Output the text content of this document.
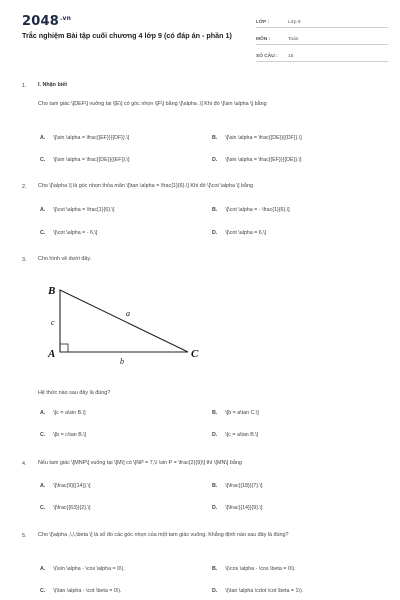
$2048^{.vn}$
Trắc nghiệm Bài tập cuối chương 4 lớp 9 (có đáp án - phần 1)
LỚP :	Lớp 9
MÔN :	Toán
SỐ CÂU :	15
1. I. Nhận biết
Cho tam giác \[DEF\] vuông tại \[E\] có góc nhọn \[F\] bằng \[\alpha .\] Khi đó \[\sin \alpha \] bằng
A. \[\sin \alpha = \frac{{EF}}{{DF}}.\]	B. \[\sin \alpha = \frac{{DE}}{{DF}}.\]
C. \[\sin \alpha = \frac{{DE}}{{EF}}.\]	D. \[\sin \alpha = \frac{{EF}}{{DE}}.\]
2. Cho \[\alpha \] là góc nhọn thỏa mãn \[\tan \alpha = \frac{1}{6}.\] Khi đó \[\cot \alpha \] bằng
A. \[\cot \alpha = \frac{1}{6}.\]	B. \[\cot \alpha = - \frac{1}{6}.\]
C. \[\cot \alpha = - 6.\]	D. \[\cot \alpha = 6.\]
3. Cho hình vẽ dưới đây.
B
A	C
a
b
c
Hệ thức nào sau đây là đúng?
A. \[c = a\sin B.\]	B. \[b = a\tan C.\]
C. \[b = c\tan B.\]	D. \[c = a\tan B.\]
4. Nếu tam giác \[MNP\] vuông tại \[M\] có \[NP = 7,\\ \sin P = \frac{2}{9}\] thì \[MN\] bằng
A. \[\frac{9}{{14}}.\]	B. \[\frac{{18}}{7}.\]
C. \[\frac{{63}}{2}.\]	D. \[\frac{{14}}{9}.\]
5. Cho \[\alpha ,\,\,\beta \] là số đo các góc nhọn của một tam giác vuông. Khẳng định nào sau đây là đúng?
A. \(\sin \alpha - \cos \alpha = 0\).	B. \(\cos \alpha - \cos \beta = 0\).
C. \(\tan \alpha - \cot \beta = 0\).	D. \(\tan \alpha \cdot \cot \beta = 1\).
